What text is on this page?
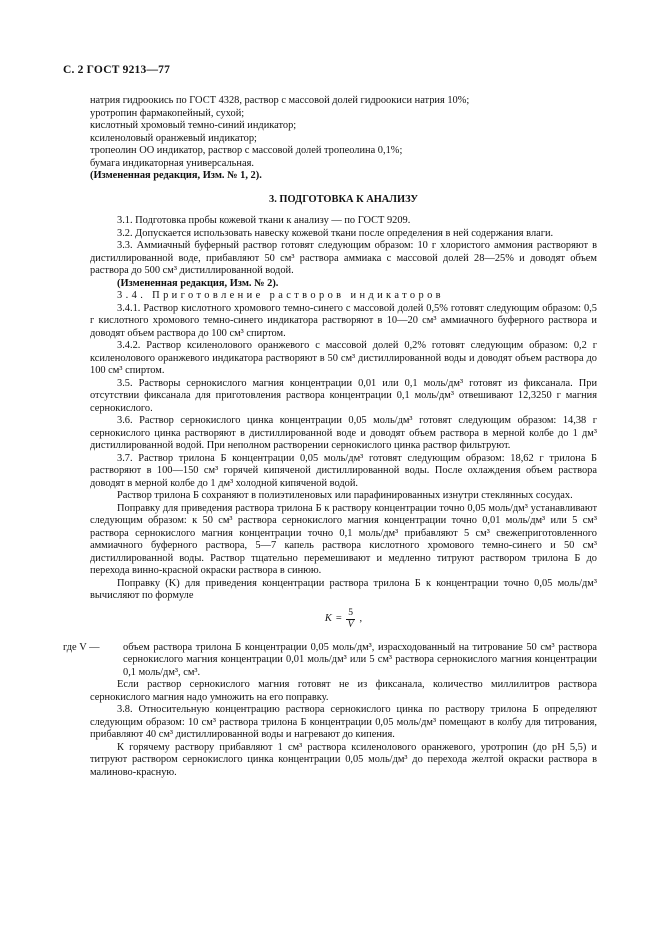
С. 2 ГОСТ 9213—77

натрия гидроокись по ГОСТ 4328, раствор с массовой долей гидроокиси натрия 10%;

уротропин фармакопейный, сухой;

кислотный хромовый темно-синий индикатор;

ксиленоловый оранжевый индикатор;

тропеолин ОО индикатор, раствор с массовой долей тропеолина 0,1%;

бумага индикаторная универсальная.

(Измененная редакция, Изм. № 1, 2).

3. ПОДГОТОВКА К АНАЛИЗУ

3.1. Подготовка пробы кожевой ткани к анализу — по ГОСТ 9209.

3.2. Допускается использовать навеску кожевой ткани после определения в ней содержания влаги.

3.3. Аммиачный буферный раствор готовят следующим образом: 10 г хлористого аммония растворяют в дистиллированной воде, прибавляют 50 см³ раствора аммиака с массовой долей 28—25% и доводят объем раствора до 500 см³ дистиллированной водой.

(Измененная редакция, Изм. № 2).

3.4. Приготовление растворов индикаторов

3.4.1. Раствор кислотного хромового темно-синего с массовой долей 0,5% готовят следующим образом: 0,5 г кислотного хромового темно-синего индикатора растворяют в 10—20 см³ аммиачного буферного раствора и доводят объем раствора до 100 см³ спиртом.

3.4.2. Раствор ксиленолового оранжевого с массовой долей 0,2% готовят следующим образом: 0,2 г ксиленолового оранжевого индикатора растворяют в 50 см³ дистиллированной воды и доводят объем раствора до 100 см³ спиртом.

3.5. Растворы сернокислого магния концентрации 0,01 или 0,1 моль/дм³ готовят из фиксанала. При отсутствии фиксанала для приготовления раствора концентрации 0,1 моль/дм³ отвешивают 12,3250 г магния сернокислого.

3.6. Раствор сернокислого цинка концентрации 0,05 моль/дм³ готовят следующим образом: 14,38 г сернокислого цинка растворяют в дистиллированной воде и доводят объем раствора в мерной колбе до 1 дм³ дистиллированной водой. При неполном растворении сернокислого цинка раствор фильтруют.

3.7. Раствор трилона Б концентрации 0,05 моль/дм³ готовят следующим образом: 18,62 г трилона Б растворяют в 100—150 см³ горячей кипяченой дистиллированной воды. После охлаждения объем раствора доводят в мерной колбе до 1 дм³ холодной кипяченой водой.

Раствор трилона Б сохраняют в полиэтиленовых или парафинированных изнутри стеклянных сосудах.

Поправку для приведения раствора трилона Б к раствору концентрации точно 0,05 моль/дм³ устанавливают следующим образом: к 50 см³ раствора сернокислого магния концентрации точно 0,01 моль/дм³ или 5 см³ раствора сернокислого магния концентрации точно 0,1 моль/дм³ прибавляют 5 см³ свежеприготовленного аммиачного буферного раствора, 5—7 капель раствора кислотного хромового темно-синего и 50 см³ дистиллированной воды. Раствор тщательно перемешивают и медленно титруют раствором трилона Б до перехода винно-красной окраски раствора в синюю.

Поправку (K) для приведения концентрации раствора трилона Б к концентрации точно 0,05 моль/дм³ вычисляют по формуле

$K = \frac{5}{V}$ ,
где V —	объем раствора трилона Б концентрации 0,05 моль/дм³, израсходованный на титрование 50 см³ раствора сернокислого магния концентрации 0,01 моль/дм³ или 5 см³ раствора сернокислого магния концентрации 0,1 моль/дм³, см³.

Если раствор сернокислого магния готовят не из фиксанала, количество миллилитров раствора сернокислого магния надо умножить на его поправку.

3.8. Относительную концентрацию раствора сернокислого цинка по раствору трилона Б определяют следующим образом: 10 см³ раствора трилона Б концентрации 0,05 моль/дм³ помещают в колбу для титрования, прибавляют 40 см³ дистиллированной воды и нагревают до кипения.

К горячему раствору прибавляют 1 см³ раствора ксиленолового оранжевого, уротропин (до рН 5,5) и титруют раствором сернокислого цинка концентрации 0,05 моль/дм³ до перехода желтой окраски раствора в малиново-красную.
